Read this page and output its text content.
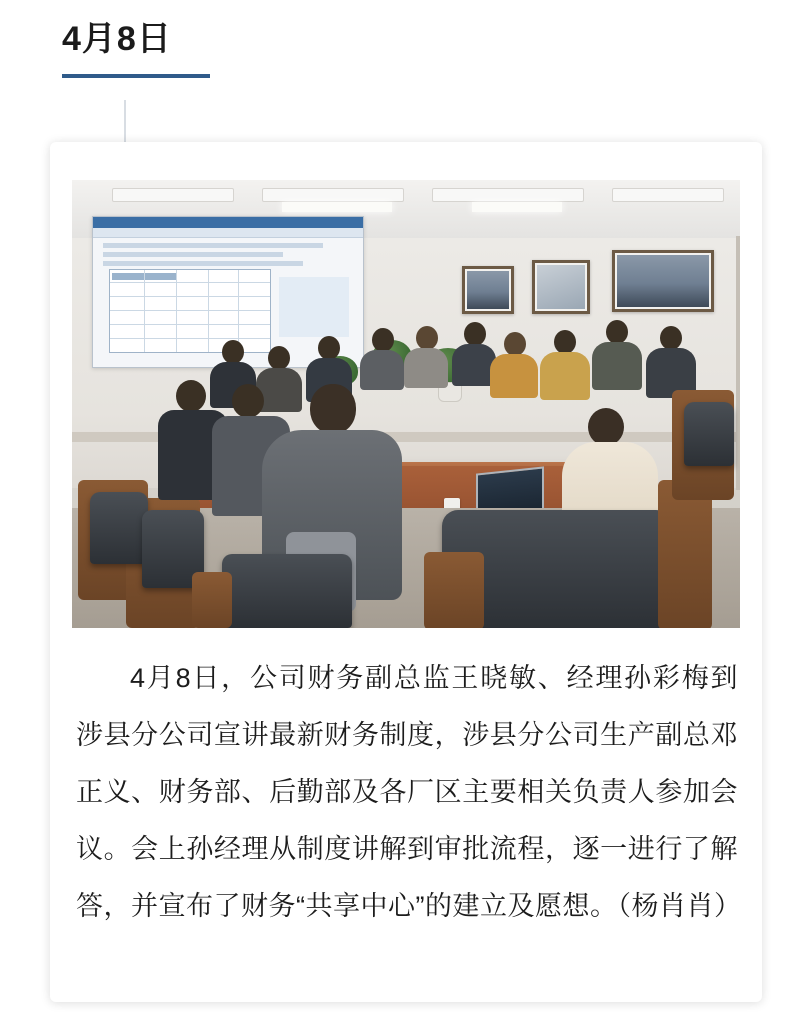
4月8日
4月8日，公司财务副总监王晓敏、经理孙彩梅到涉县分公司宣讲最新财务制度，涉县分公司生产副总邓正义、财务部、后勤部及各厂区主要相关负责人参加会议。会上孙经理从制度讲解到审批流程，逐一进行了解答，并宣布了财务“共享中心”的建立及愿想。（杨肖肖）
